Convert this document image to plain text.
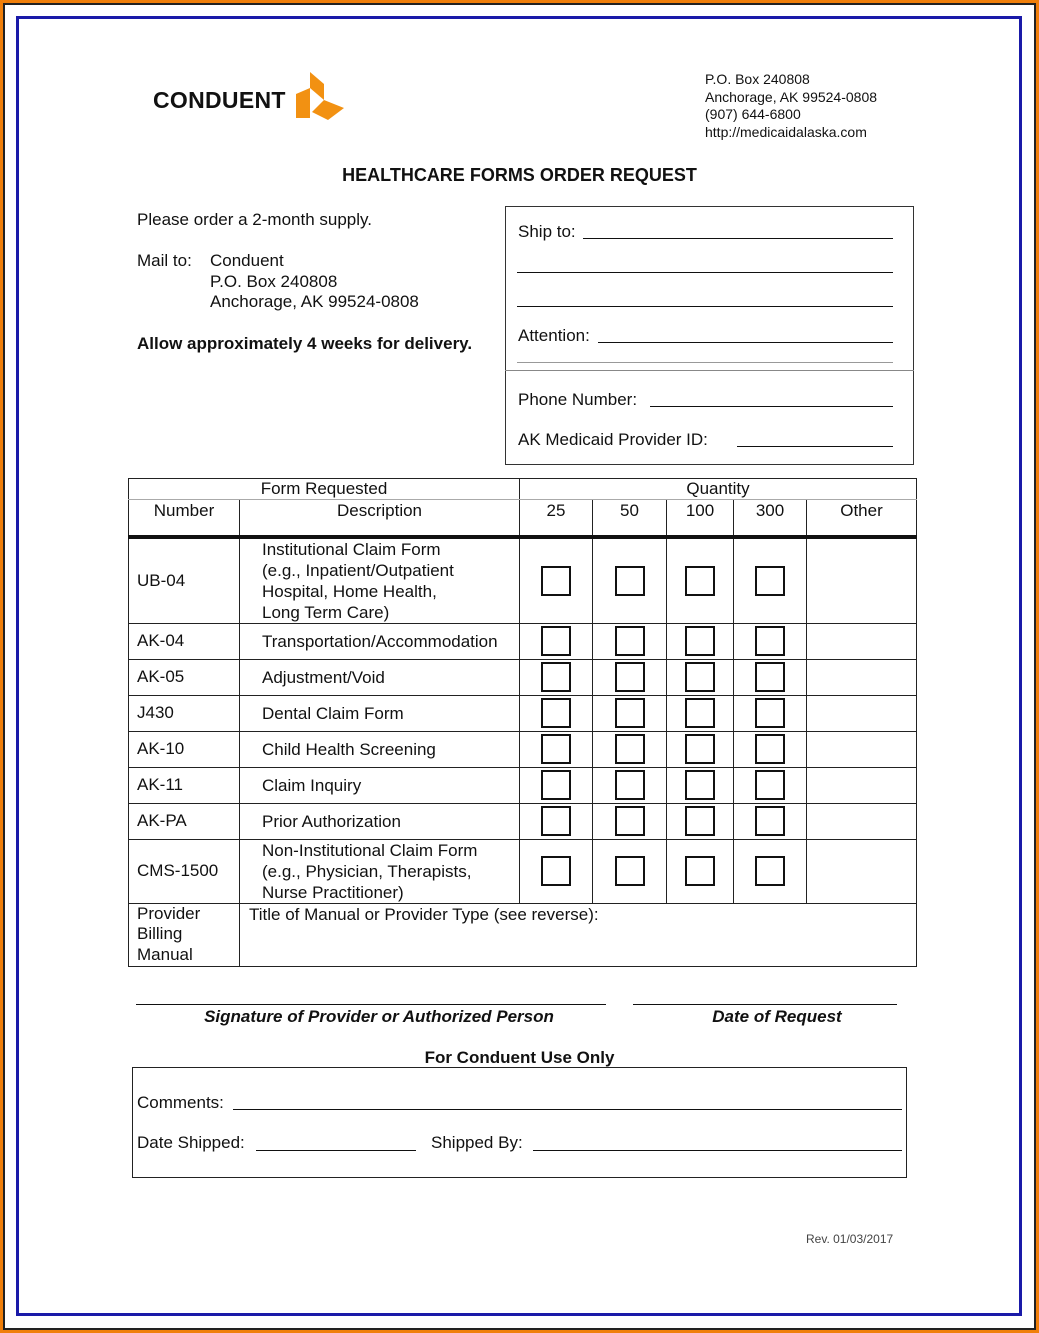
CONDUENT
P.O. Box 240808
Anchorage, AK 99524-0808
(907) 644-6800
http://medicaidalaska.com
HEALTHCARE FORMS ORDER REQUEST
Please order a 2-month supply.
Mail to: Conduent
P.O. Box 240808
Anchorage, AK 99524-0808
Allow approximately 4 weeks for delivery.
Ship to:
Attention:
Phone Number:
AK Medicaid Provider ID:
Form Requested		Quantity				
Number	Description	25	50	100	300	Other
UB-04	Institutional Claim Form
(e.g., Inpatient/Outpatient
Hospital, Home Health,
Long Term Care)	

AK-04	Transportation/Accommodation	

AK-05	Adjustment/Void	

J430	Dental Claim Form	

AK-10	Child Health Screening	

AK-11	Claim Inquiry	

AK-PA	Prior Authorization	

CMS-1500	Non-Institutional Claim Form
(e.g., Physician, Therapists,
Nurse Practitioner)	

Provider
Billing
Manual	Title of Manual or Provider Type (see reverse):					
Signature of Provider or Authorized Person	Date of Request
For Conduent Use Only
Comments:
Date Shipped:	Shipped By:
Rev. 01/03/2017
